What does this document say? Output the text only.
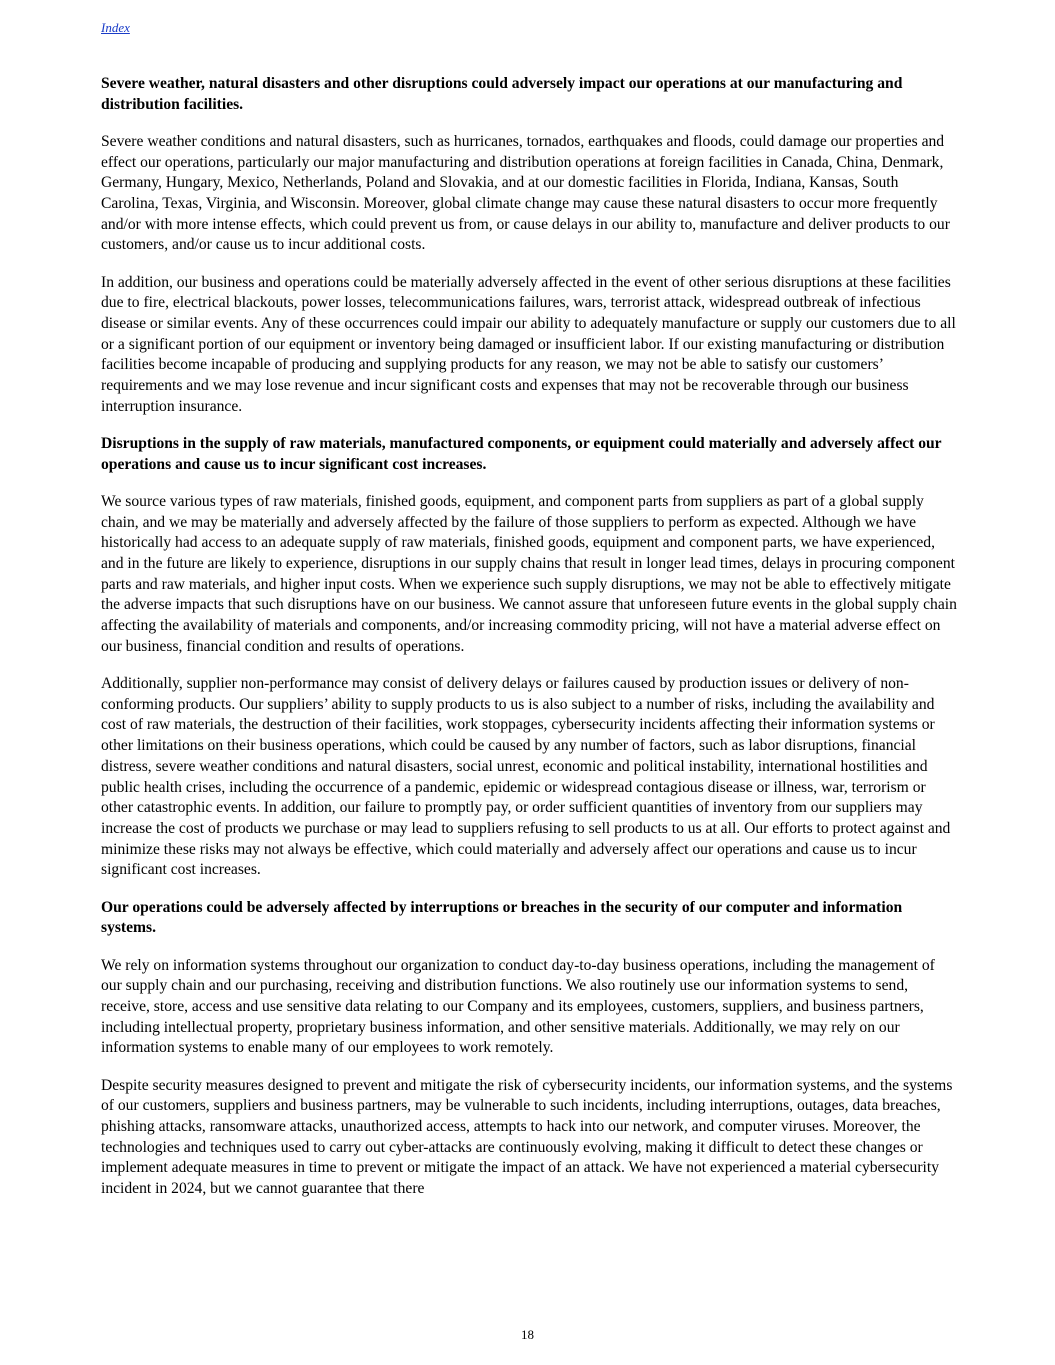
Index

Severe weather, natural disasters and other disruptions could adversely impact our operations at our manufacturing and distribution facilities.

Severe weather conditions and natural disasters, such as hurricanes, tornados, earthquakes and floods, could damage our properties and effect our operations, particularly our major manufacturing and distribution operations at foreign facilities in Canada, China, Denmark, Germany, Hungary, Mexico, Netherlands, Poland and Slovakia, and at our domestic facilities in Florida, Indiana, Kansas, South Carolina, Texas, Virginia, and Wisconsin. Moreover, global climate change may cause these natural disasters to occur more frequently and/or with more intense effects, which could prevent us from, or cause delays in our ability to, manufacture and deliver products to our customers, and/or cause us to incur additional costs.

In addition, our business and operations could be materially adversely affected in the event of other serious disruptions at these facilities due to fire, electrical blackouts, power losses, telecommunications failures, wars, terrorist attack, widespread outbreak of infectious disease or similar events. Any of these occurrences could impair our ability to adequately manufacture or supply our customers due to all or a significant portion of our equipment or inventory being damaged or insufficient labor. If our existing manufacturing or distribution facilities become incapable of producing and supplying products for any reason, we may not be able to satisfy our customers’ requirements and we may lose revenue and incur significant costs and expenses that may not be recoverable through our business interruption insurance.

Disruptions in the supply of raw materials, manufactured components, or equipment could materially and adversely affect our operations and cause us to incur significant cost increases.

We source various types of raw materials, finished goods, equipment, and component parts from suppliers as part of a global supply chain, and we may be materially and adversely affected by the failure of those suppliers to perform as expected. Although we have historically had access to an adequate supply of raw materials, finished goods, equipment and component parts, we have experienced, and in the future are likely to experience, disruptions in our supply chains that result in longer lead times, delays in procuring component parts and raw materials, and higher input costs. When we experience such supply disruptions, we may not be able to effectively mitigate the adverse impacts that such disruptions have on our business. We cannot assure that unforeseen future events in the global supply chain affecting the availability of materials and components, and/or increasing commodity pricing, will not have a material adverse effect on our business, financial condition and results of operations.

Additionally, supplier non-performance may consist of delivery delays or failures caused by production issues or delivery of non-conforming products. Our suppliers’ ability to supply products to us is also subject to a number of risks, including the availability and cost of raw materials, the destruction of their facilities, work stoppages, cybersecurity incidents affecting their information systems or other limitations on their business operations, which could be caused by any number of factors, such as labor disruptions, financial distress, severe weather conditions and natural disasters, social unrest, economic and political instability, international hostilities and public health crises, including the occurrence of a pandemic, epidemic or widespread contagious disease or illness, war, terrorism or other catastrophic events. In addition, our failure to promptly pay, or order sufficient quantities of inventory from our suppliers may increase the cost of products we purchase or may lead to suppliers refusing to sell products to us at all. Our efforts to protect against and minimize these risks may not always be effective, which could materially and adversely affect our operations and cause us to incur significant cost increases.

Our operations could be adversely affected by interruptions or breaches in the security of our computer and information systems.

We rely on information systems throughout our organization to conduct day-to-day business operations, including the management of our supply chain and our purchasing, receiving and distribution functions. We also routinely use our information systems to send, receive, store, access and use sensitive data relating to our Company and its employees, customers, suppliers, and business partners, including intellectual property, proprietary business information, and other sensitive materials. Additionally, we may rely on our information systems to enable many of our employees to work remotely.

Despite security measures designed to prevent and mitigate the risk of cybersecurity incidents, our information systems, and the systems of our customers, suppliers and business partners, may be vulnerable to such incidents, including interruptions, outages, data breaches, phishing attacks, ransomware attacks, unauthorized access, attempts to hack into our network, and computer viruses. Moreover, the technologies and techniques used to carry out cyber-attacks are continuously evolving, making it difficult to detect these changes or implement adequate measures in time to prevent or mitigate the impact of an attack. We have not experienced a material cybersecurity incident in 2024, but we cannot guarantee that there

18
